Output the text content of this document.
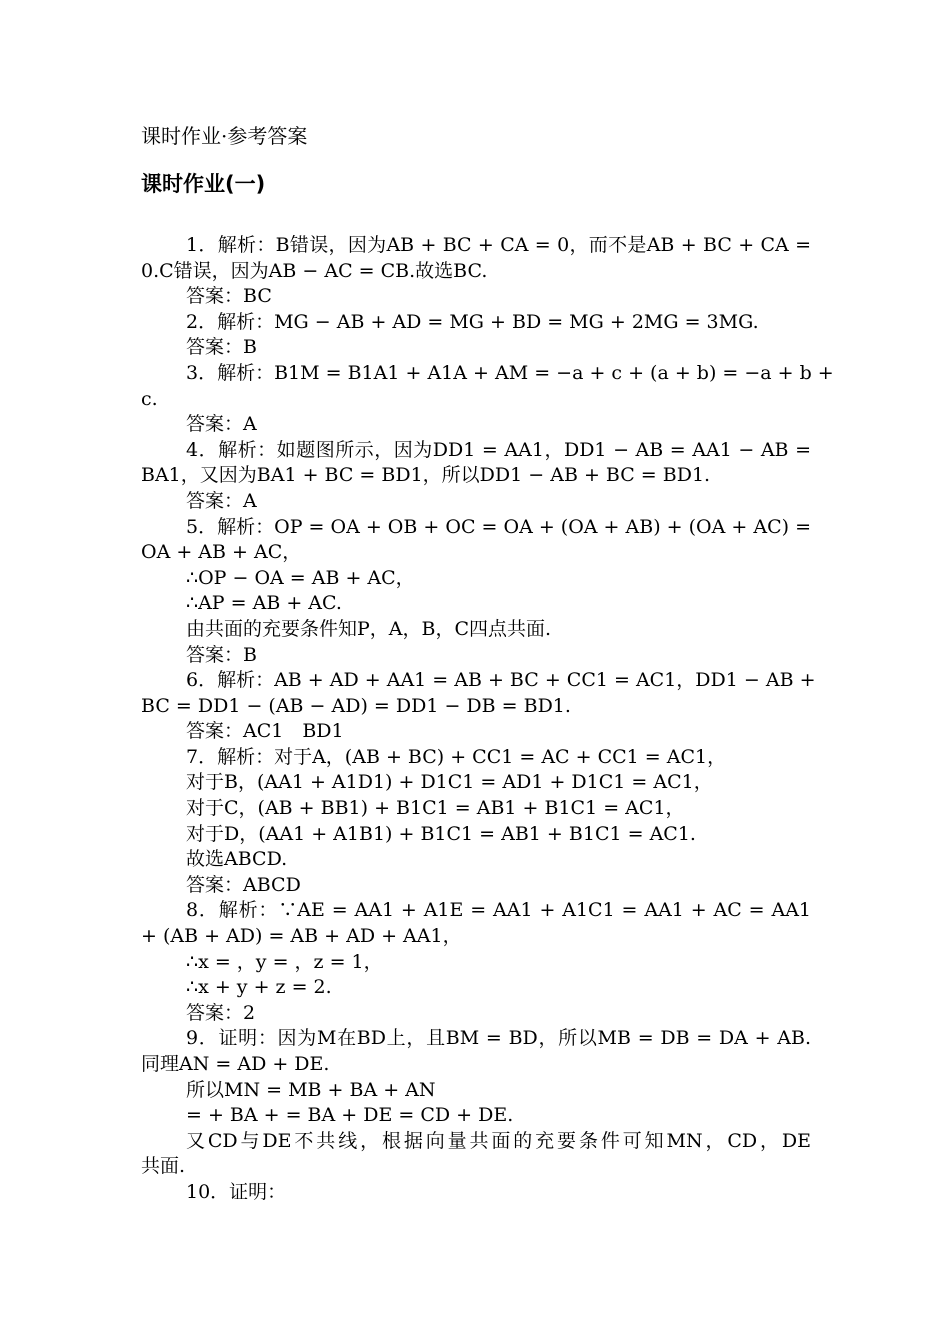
课时作业·参考答案
课时作业(一)
1．解析：B错误，因为AB + BC + CA = 0，而不是AB + BC + CA =
0.C错误，因为AB − AC = CB.故选BC.
答案：BC
2．解析：MG − AB + AD = MG + BD = MG + 2MG = 3MG.
答案：B
3．解析：B1M = B1A1 + A1A + AM = −a + c + (a + b) = −a + b +
c.
答案：A
4．解析：如题图所示，因为DD1 = AA1，DD1 − AB = AA1 − AB =
BA1，又因为BA1 + BC = BD1，所以DD1 − AB + BC = BD1.
答案：A
5．解析：OP = OA + OB + OC = OA + (OA + AB) + (OA + AC) =
OA + AB + AC，
∴OP − OA = AB + AC，
∴AP = AB + AC.
由共面的充要条件知P，A，B，C四点共面.
答案：B
6．解析：AB + AD + AA1 = AB + BC + CC1 = AC1，DD1 − AB +
BC = DD1 − (AB − AD) = DD1 − DB = BD1.
答案：AC1　BD1
7．解析：对于A，(AB + BC) + CC1 = AC + CC1 = AC1，
对于B，(AA1 + A1D1) + D1C1 = AD1 + D1C1 = AC1，
对于C，(AB + BB1) + B1C1 = AB1 + B1C1 = AC1，
对于D，(AA1 + A1B1) + B1C1 = AB1 + B1C1 = AC1.
故选ABCD.
答案：ABCD
8．解析：∵AE = AA1 + A1E = AA1 + A1C1 = AA1 + AC = AA1
+ (AB + AD) = AB + AD + AA1，
∴x = ，y = ，z = 1，
∴x + y + z = 2.
答案：2
9．证明：因为M在BD上，且BM = BD，所以MB = DB = DA + AB.
同理AN = AD + DE.
所以MN = MB + BA + AN
= + BA + = BA + DE = CD + DE.
又CD与DE不共线，根据向量共面的充要条件可知MN，CD，DE
共面.
10．证明：
